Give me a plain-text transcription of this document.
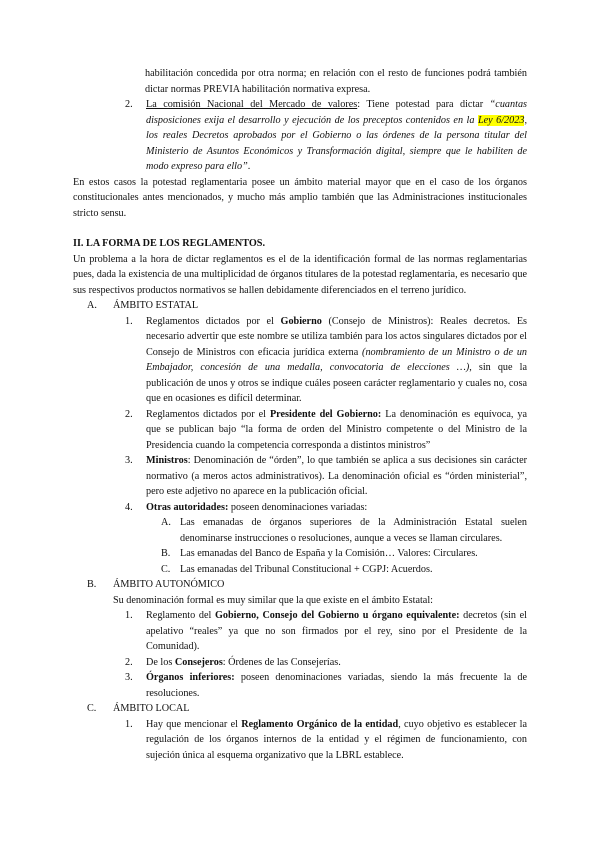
habilitación concedida por otra norma; en relación con el resto de funciones podrá también dictar normas PREVIA habilitación normativa expresa.

2.	La comisión Nacional del Mercado de valores: Tiene potestad para dictar “cuantas disposiciones exija el desarrollo y ejecución de los preceptos contenidos en la Ley 6/2023, los reales Decretos aprobados por el Gobierno o las órdenes de la persona titular del Ministerio de Asuntos Económicos y Transformación digital, siempre que le habiliten de modo expreso para ello”.

En estos casos la potestad reglamentaria posee un ámbito material mayor que en el caso de los órganos constitucionales antes mencionados, y mucho más amplio también que las Administraciones institucionales stricto sensu.

II. LA FORMA DE LOS REGLAMENTOS.

Un problema a la hora de dictar reglamentos es el de la identificación formal de las normas reglamentarias pues, dada la existencia de una multiplicidad de órganos titulares de la potestad reglamentaria, es necesario que sus respectivos productos normativos se hallen debidamente diferenciados en el terreno jurídico.

A.	ÁMBITO ESTATAL
1.	Reglamentos dictados por el Gobierno (Consejo de Ministros): Reales decretos. Es necesario advertir que este nombre se utiliza también para los actos singulares dictados por el Consejo de Ministros con eficacia jurídica externa (nombramiento de un Ministro o de un Embajador, concesión de una medalla, convocatoria de elecciones …), sin que la publicación de unos y otros se indique cuáles poseen carácter reglamentario y cuales no, cosa que en ocasiones es difícil determinar.
2.	Reglamentos dictados por el Presidente del Gobierno: La denominación es equívoca, ya que se publican bajo “la forma de orden del Ministro competente o del Ministro de la Presidencia cuando la competencia corresponda a distintos ministros”
3.	Ministros: Denominación de “órden”, lo que también se aplica a sus decisiones sin carácter normativo (a meros actos administrativos). La denominación oficial es “órden ministerial”, pero este adjetivo no aparece en la publicación oficial.
4.	Otras autoridades: poseen denominaciones variadas:
A. Las emanadas de órganos superiores de la Administración Estatal suelen denominarse instrucciones o resoluciones, aunque a veces se llaman circulares.
B. Las emanadas del Banco de España y la Comisión… Valores: Circulares.
C. Las emanadas del Tribunal Constitucional + CGPJ: Acuerdos.
B.	ÁMBITO AUTONÓMICO

Su denominación formal es muy similar que la que existe en el ámbito Estatal:

1.	Reglamento del Gobierno, Consejo del Gobierno u órgano equivalente: decretos (sin el apelativo “reales” ya que no son firmados por el rey, sino por el Presidente de la Comunidad).
2.	De los Consejeros: Órdenes de las Consejerías.
3.	Órganos inferiores: poseen denominaciones variadas, siendo la más frecuente la de resoluciones.
C.	ÁMBITO LOCAL
1.	Hay que mencionar el Reglamento Orgánico de la entidad, cuyo objetivo es establecer la regulación de los órganos internos de la entidad y el régimen de funcionamiento, con sujeción única al esquema organizativo que la LBRL establece.
